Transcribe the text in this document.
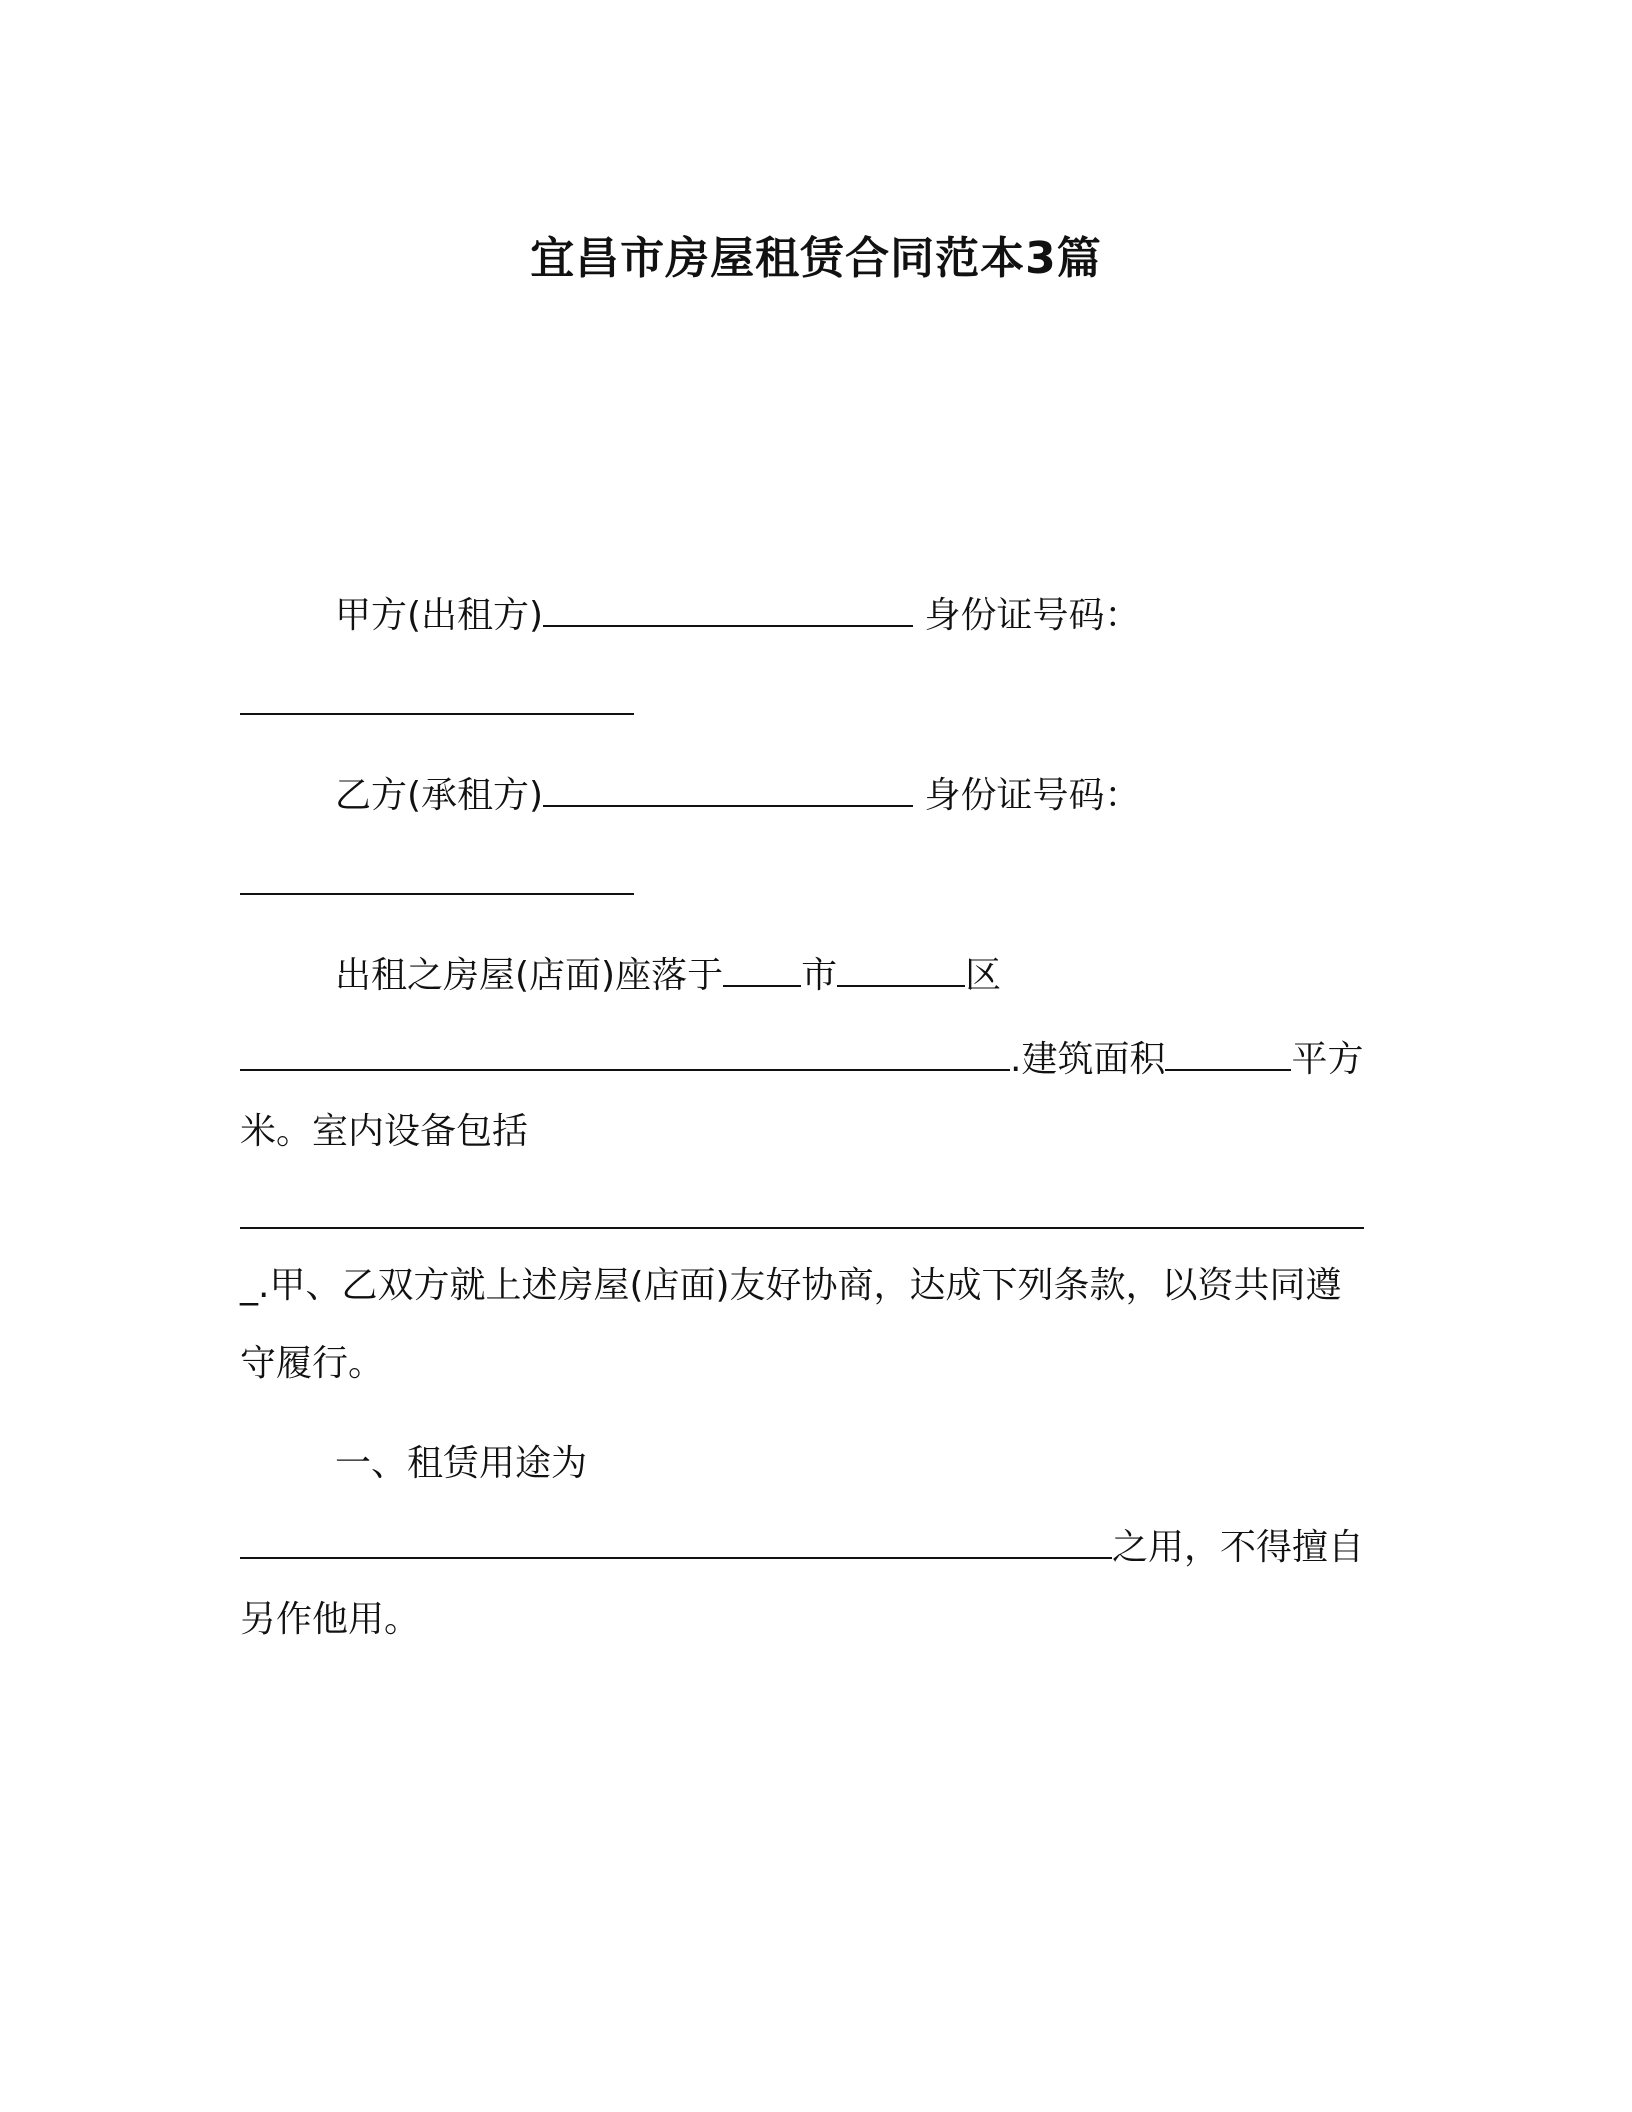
宜昌市房屋租赁合同范本3篇
甲方(出租方)	身份证号码：
乙方(承租方)	身份证号码：
出租之房屋(店面)座落于 市	区
.建筑面积	平方
米。室内设备包括
_.甲、乙双方就上述房屋(店面)友好协商，达成下列条款，以资共同遵
守履行。
一、租赁用途为
之用，不得擅自
另作他用。
